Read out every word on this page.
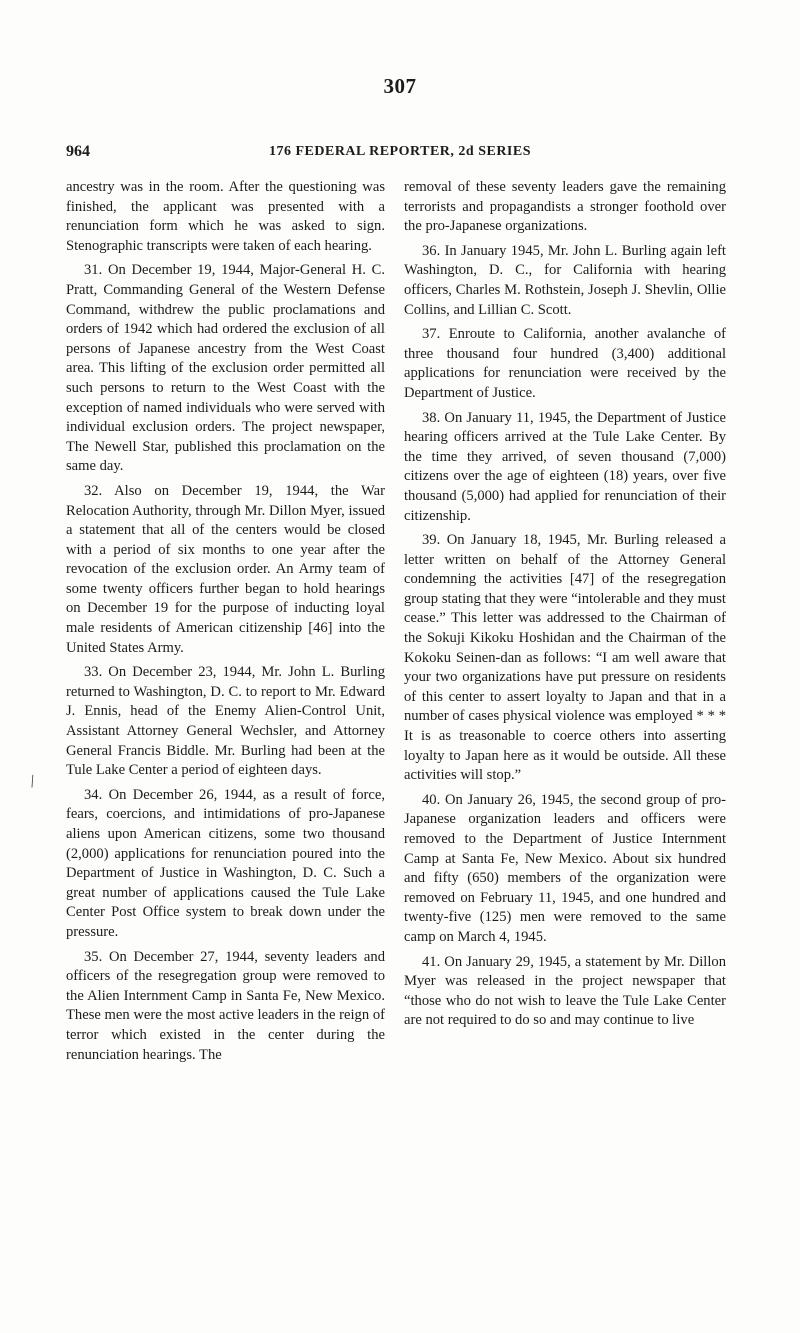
307
964	176 FEDERAL REPORTER, 2d SERIES
/

ancestry was in the room. After the questioning was finished, the applicant was presented with a renunciation form which he was asked to sign. Stenographic transcripts were taken of each hearing.

31. On December 19, 1944, Major-General H. C. Pratt, Commanding General of the Western Defense Command, withdrew the public proclamations and orders of 1942 which had ordered the exclusion of all persons of Japanese ancestry from the West Coast area. This lifting of the exclusion order permitted all such persons to return to the West Coast with the exception of named individuals who were served with individual exclusion orders. The project newspaper, The Newell Star, published this proclamation on the same day.

32. Also on December 19, 1944, the War Relocation Authority, through Mr. Dillon Myer, issued a statement that all of the centers would be closed with a period of six months to one year after the revocation of the exclusion order. An Army team of some twenty officers further began to hold hearings on December 19 for the purpose of inducting loyal male residents of American citizenship [46] into the United States Army.

33. On December 23, 1944, Mr. John L. Burling returned to Washington, D. C. to report to Mr. Edward J. Ennis, head of the Enemy Alien-Control Unit, Assistant Attorney General Wechsler, and Attorney General Francis Biddle. Mr. Burling had been at the Tule Lake Center a period of eighteen days.

34. On December 26, 1944, as a result of force, fears, coercions, and intimidations of pro-Japanese aliens upon American citizens, some two thousand (2,000) applications for renunciation poured into the Department of Justice in Washington, D. C. Such a great number of applications caused the Tule Lake Center Post Office system to break down under the pressure.

35. On December 27, 1944, seventy leaders and officers of the resegregation group were removed to the Alien Internment Camp in Santa Fe, New Mexico. These men were the most active leaders in the reign of terror which existed in the center during the renunciation hearings. The

removal of these seventy leaders gave the remaining terrorists and propagandists a stronger foothold over the pro-Japanese organizations.

36. In January 1945, Mr. John L. Burling again left Washington, D. C., for California with hearing officers, Charles M. Rothstein, Joseph J. Shevlin, Ollie Collins, and Lillian C. Scott.

37. Enroute to California, another avalanche of three thousand four hundred (3,400) additional applications for renunciation were received by the Department of Justice.

38. On January 11, 1945, the Department of Justice hearing officers arrived at the Tule Lake Center. By the time they arrived, of seven thousand (7,000) citizens over the age of eighteen (18) years, over five thousand (5,000) had applied for renunciation of their citizenship.

39. On January 18, 1945, Mr. Burling released a letter written on behalf of the Attorney General condemning the activities [47] of the resegregation group stating that they were “intolerable and they must cease.” This letter was addressed to the Chairman of the Sokuji Kikoku Hoshidan and the Chairman of the Kokoku Seinen-dan as follows: “I am well aware that your two organizations have put pressure on residents of this center to assert loyalty to Japan and that in a number of cases physical violence was employed * * * It is as treasonable to coerce others into asserting loyalty to Japan here as it would be outside. All these activities will stop.”

40. On January 26, 1945, the second group of pro-Japanese organization leaders and officers were removed to the Department of Justice Internment Camp at Santa Fe, New Mexico. About six hundred and fifty (650) members of the organization were removed on February 11, 1945, and one hundred and twenty-five (125) men were removed to the same camp on March 4, 1945.

41. On January 29, 1945, a statement by Mr. Dillon Myer was released in the project newspaper that “those who do not wish to leave the Tule Lake Center are not required to do so and may continue to live
